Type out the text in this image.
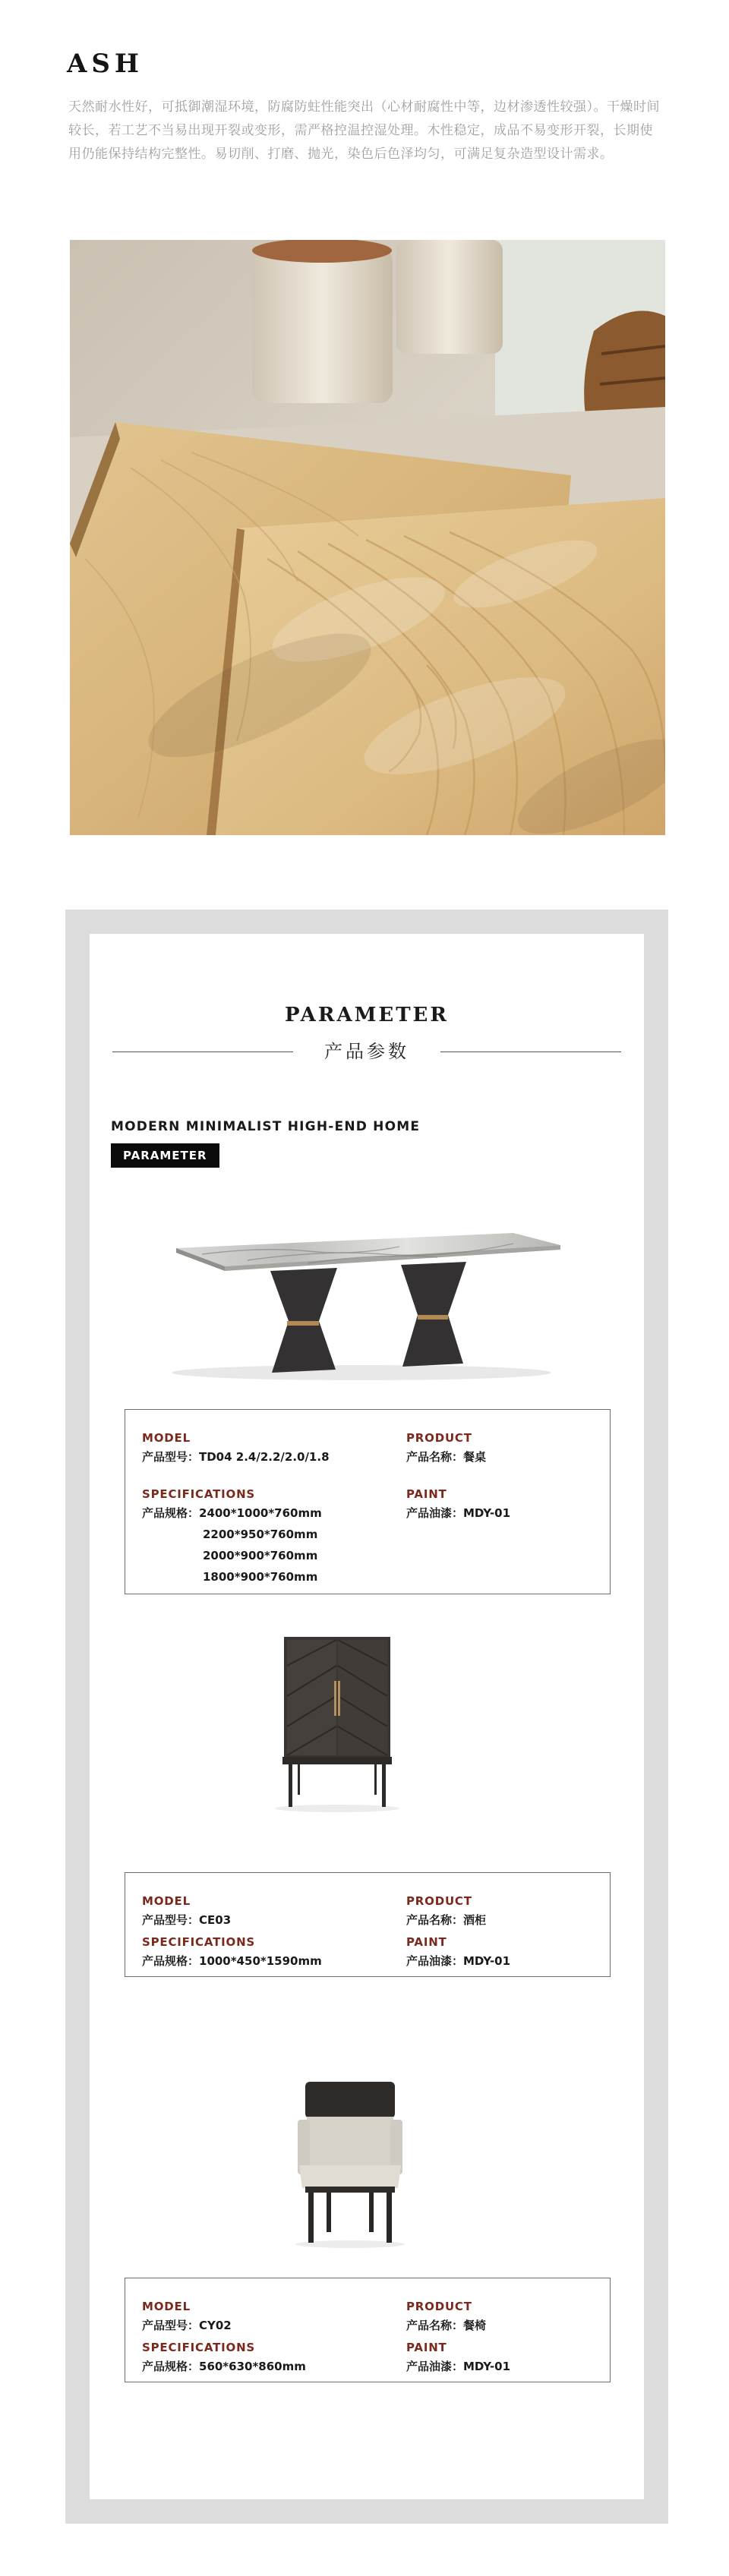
ASH

天然耐水性好，可抵御潮湿环境，防腐防蛀性能突出（心材耐腐性中等，边材渗透性较强）。干燥时间较长，若工艺不当易出现开裂或变形，需严格控温控湿处理。木性稳定，成品不易变形开裂，长期使用仍能保持结构完整性。易切削、打磨、抛光，染色后色泽均匀，可满足复杂造型设计需求。

PARAMETER
产品参数
MODERN MINIMALIST HIGH-END HOME
PARAMETER
MODEL
产品型号：TD04 2.4/2.2/2.0/1.8
PRODUCT
产品名称：餐桌
SPECIFICATIONS
产品规格：2400*1000*760mm
2200*950*760mm
2000*900*760mm
1800*900*760mm
PAINT
产品油漆：MDY-01
MODEL
产品型号：CE03
PRODUCT
产品名称：酒柜
SPECIFICATIONS
产品规格：1000*450*1590mm
PAINT
产品油漆：MDY-01
MODEL
产品型号：CY02
PRODUCT
产品名称：餐椅
SPECIFICATIONS
产品规格：560*630*860mm
PAINT
产品油漆：MDY-01
